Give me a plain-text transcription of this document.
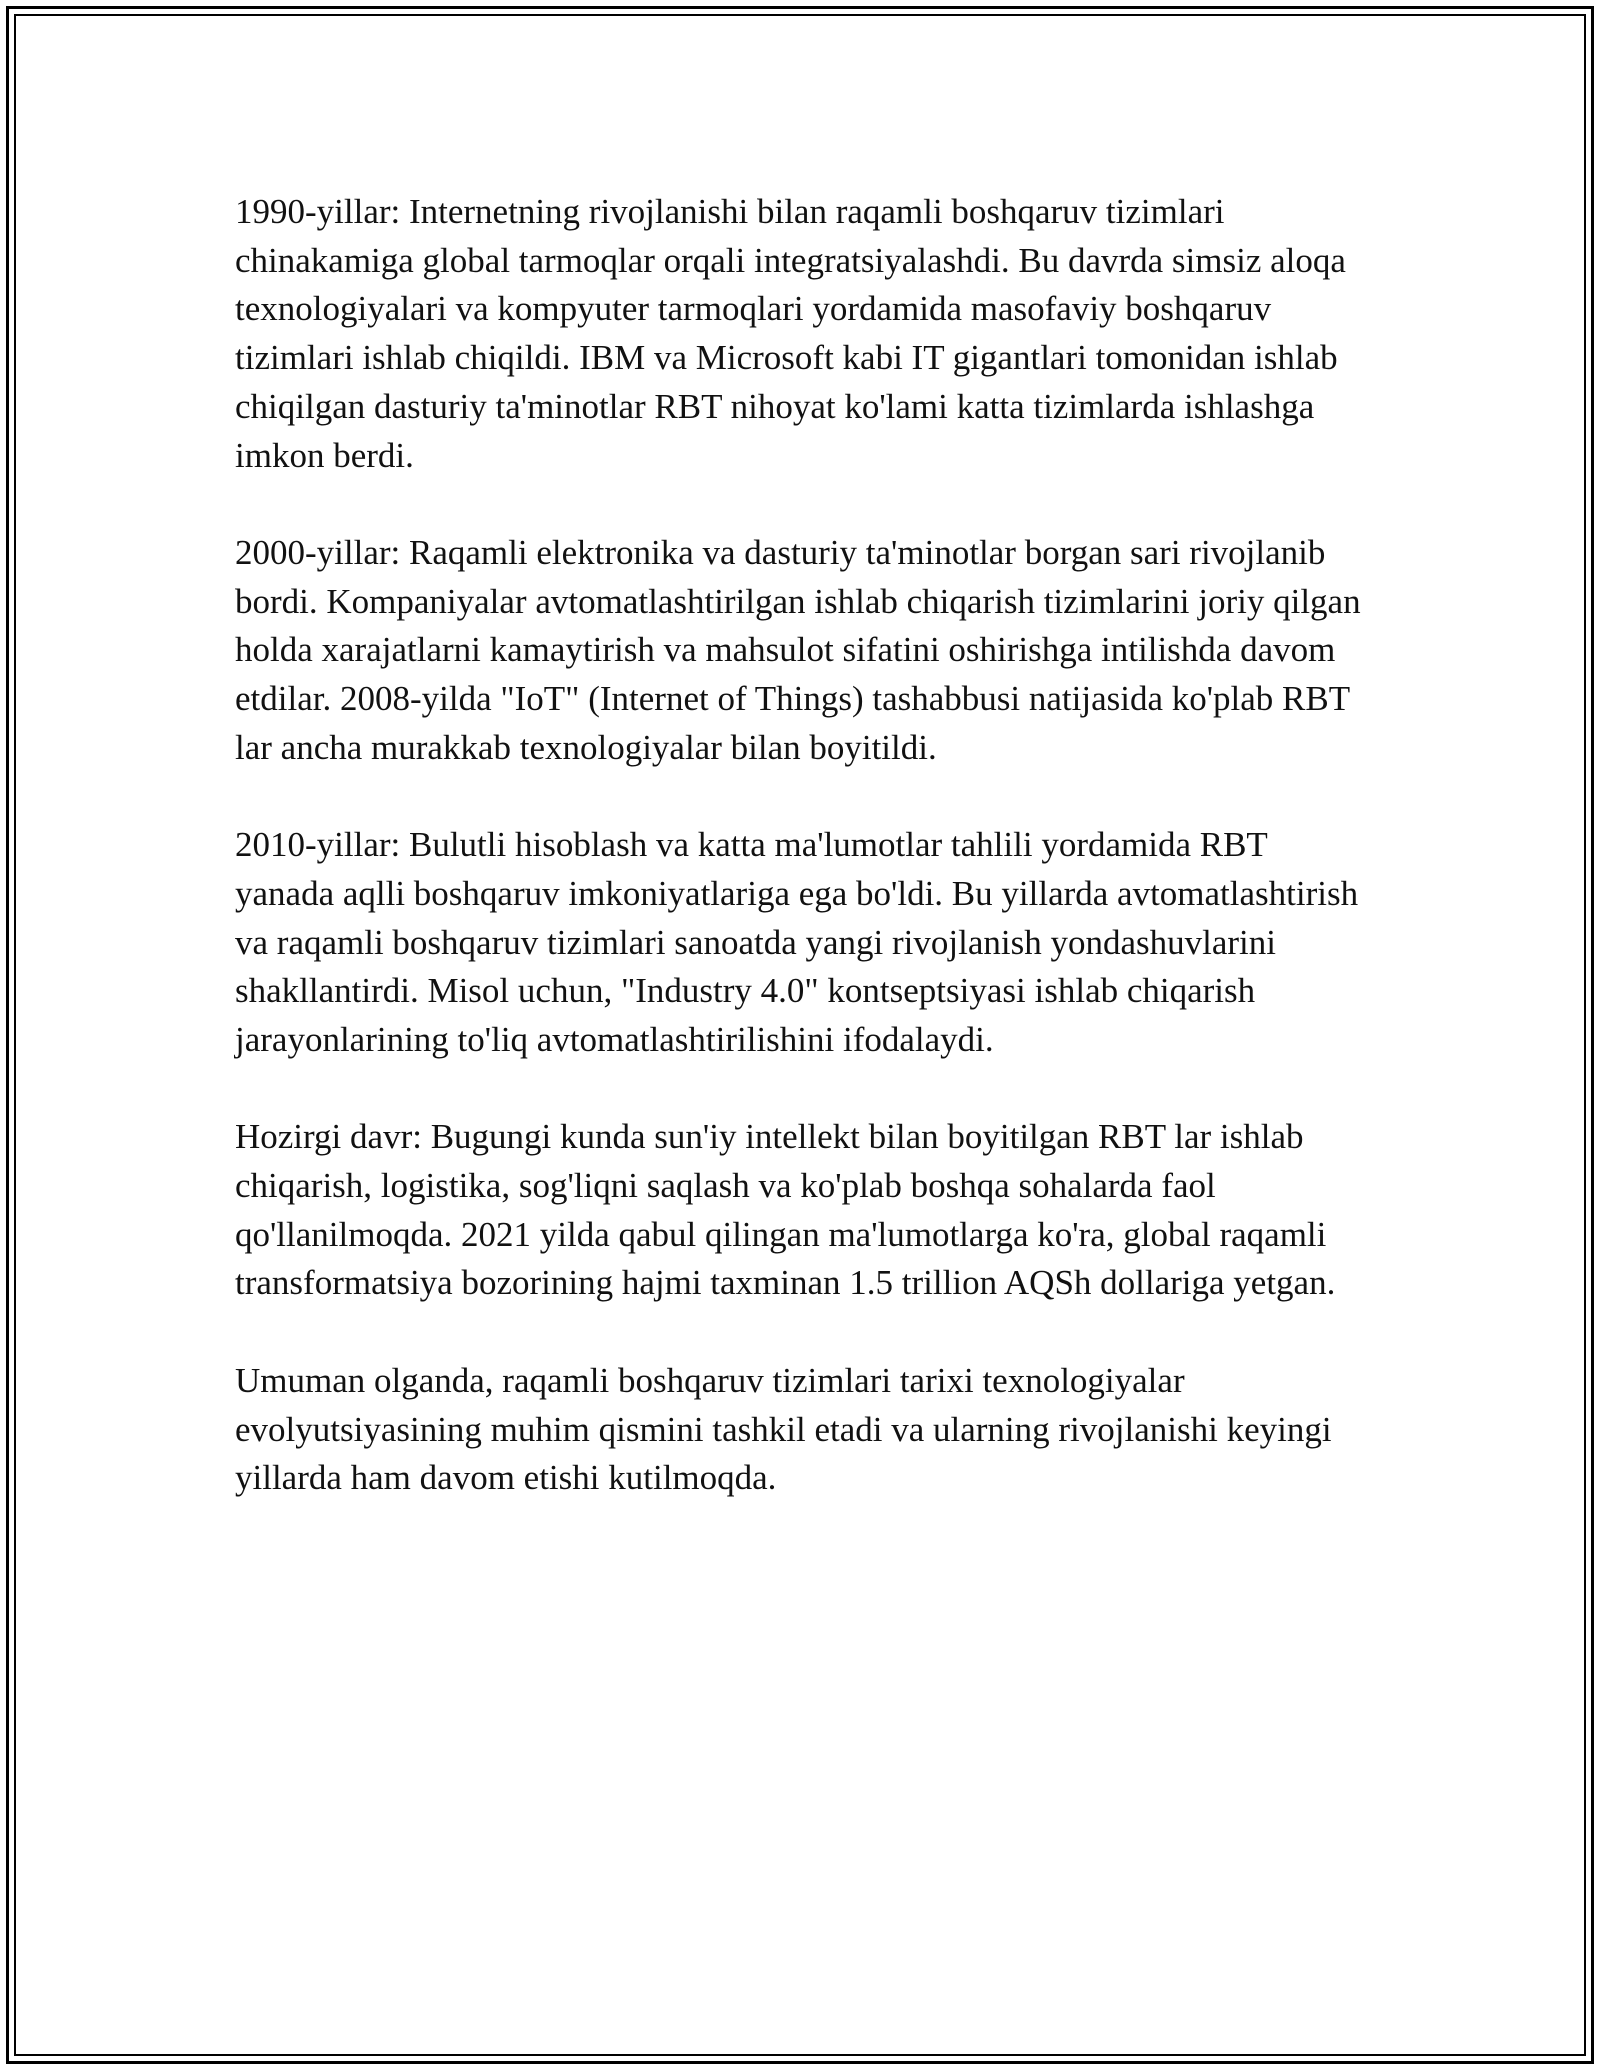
1990-yillar: Internetning rivojlanishi bilan raqamli boshqaruv tizimlari chinakamiga global tarmoqlar orqali integratsiyalashdi. Bu davrda simsiz aloqa texnologiyalari va kompyuter tarmoqlari yordamida masofaviy boshqaruv tizimlari ishlab chiqildi. IBM va Microsoft kabi IT gigantlari tomonidan ishlab chiqilgan dasturiy ta'minotlar RBT nihoyat ko'lami katta tizimlarda ishlashga imkon berdi.

2000-yillar: Raqamli elektronika va dasturiy ta'minotlar borgan sari rivojlanib bordi. Kompaniyalar avtomatlashtirilgan ishlab chiqarish tizimlarini joriy qilgan holda xarajatlarni kamaytirish va mahsulot sifatini oshirishga intilishda davom etdilar. 2008-yilda "IoT" (Internet of Things) tashabbusi natijasida ko'plab RBT lar ancha murakkab texnologiyalar bilan boyitildi.

2010-yillar: Bulutli hisoblash va katta ma'lumotlar tahlili yordamida RBT yanada aqlli boshqaruv imkoniyatlariga ega bo'ldi. Bu yillarda avtomatlashtirish va raqamli boshqaruv tizimlari sanoatda yangi rivojlanish yondashuvlarini shakllantirdi. Misol uchun, "Industry 4.0" kontseptsiyasi ishlab chiqarish jarayonlarining to'liq avtomatlashtirilishini ifodalaydi.

Hozirgi davr: Bugungi kunda sun'iy intellekt bilan boyitilgan RBT lar ishlab chiqarish, logistika, sog'liqni saqlash va ko'plab boshqa sohalarda faol qo'llanilmoqda. 2021 yilda qabul qilingan ma'lumotlarga ko'ra, global raqamli transformatsiya bozorining hajmi taxminan 1.5 trillion AQSh dollariga yetgan.

Umuman olganda, raqamli boshqaruv tizimlari tarixi texnologiyalar evolyutsiyasining muhim qismini tashkil etadi va ularning rivojlanishi keyingi yillarda ham davom etishi kutilmoqda.
